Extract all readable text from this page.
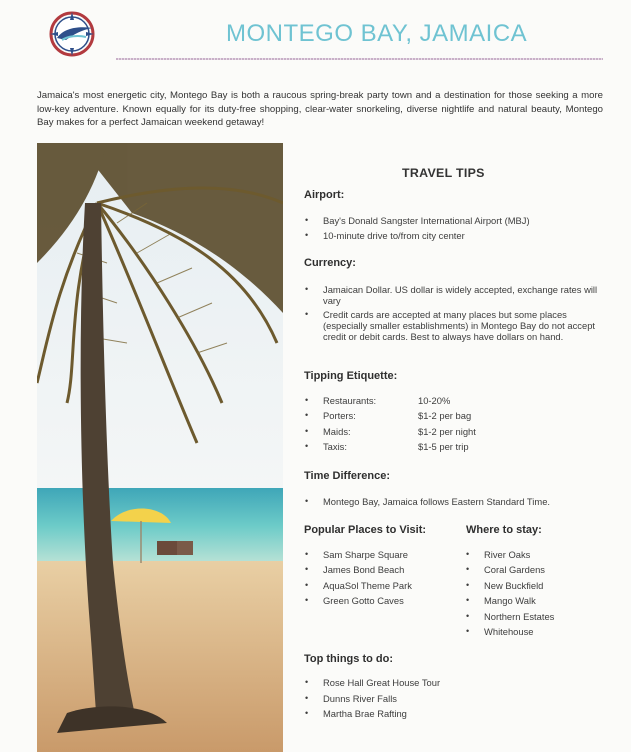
MONTEGO BAY, JAMAICA
Jamaica's most energetic city, Montego Bay is both a raucous spring-break party town and a destination for those seeking a more low-key adventure. Known equally for its duty-free shopping, clear-water snorkeling, diverse nightlife and natural beauty, Montego Bay makes for a perfect Jamaican weekend getaway!
TRAVEL TIPS
Airport:
• Bay's Donald Sangster International Airport (MBJ)
• 10-minute drive to/from city center
Currency:
• Jamaican Dollar. US dollar is widely accepted, exchange rates will vary
• Credit cards are accepted at many places but some places (especially smaller establishments) in Montego Bay do not accept credit or debit cards. Best to always have dollars on hand.
Tipping Etiquette:
• Restaurants:	10-20%
• Porters:	$1-2 per bag
• Maids:	$1-2 per night
• Taxis:	$1-5 per trip
Time Difference:
• Montego Bay, Jamaica follows Eastern Standard Time.
Popular Places to Visit:
• Sam Sharpe Square
• James Bond Beach
• AquaSol Theme Park
• Green Gotto Caves
Where to stay:
• River Oaks
• Coral Gardens
• New Buckfield
• Mango Walk
• Northern Estates
• Whitehouse
Top things to do:
• Rose Hall Great House Tour
• Dunns River Falls
• Martha Brae Rafting
